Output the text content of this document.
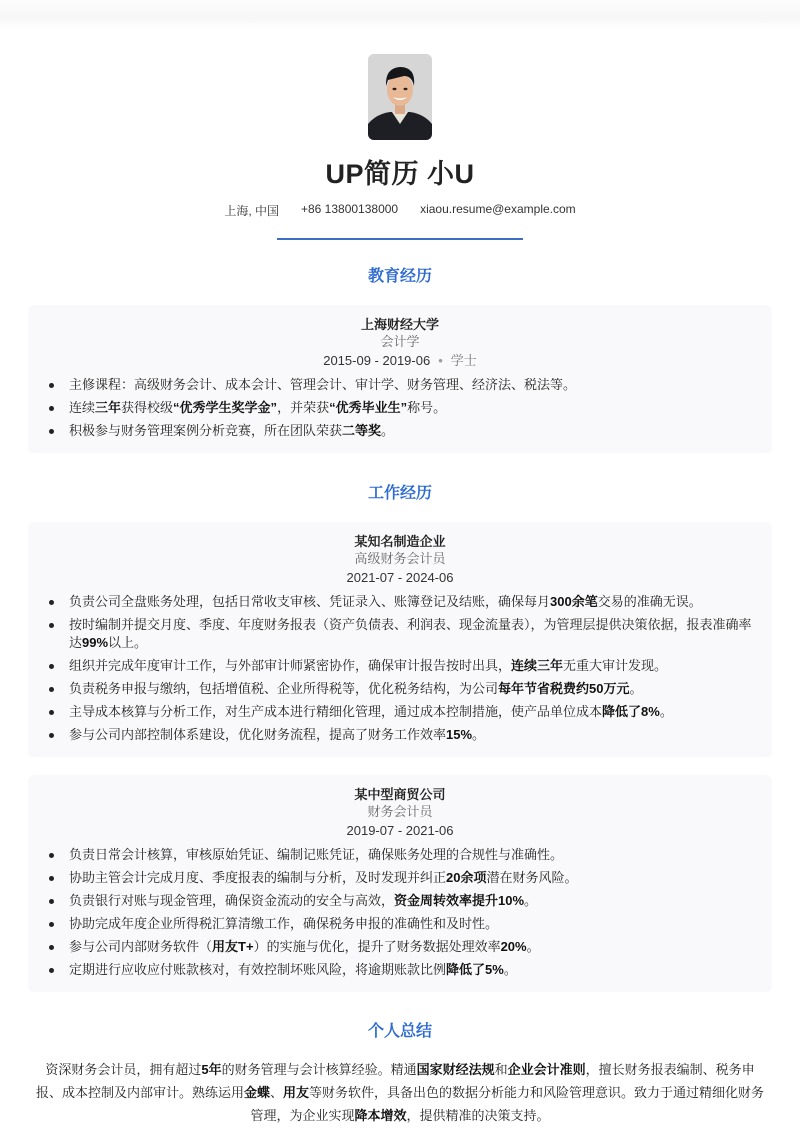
UP简历 小U
上海, 中国 +86 13800138000 xiaou.resume@example.com
教育经历
上海财经大学
会计学
2015-09 - 2019-06 • 学士
主修课程：高级财务会计、成本会计、管理会计、审计学、财务管理、经济法、税法等。
连续三年获得校级“优秀学生奖学金”，并荣获“优秀毕业生”称号。
积极参与财务管理案例分析竞赛，所在团队荣获二等奖。
工作经历
某知名制造企业
高级财务会计员
2021-07 - 2024-06
负责公司全盘账务处理，包括日常收支审核、凭证录入、账簿登记及结账，确保每月300余笔交易的准确无误。
按时编制并提交月度、季度、年度财务报表（资产负债表、利润表、现金流量表），为管理层提供决策依据，报表准确率达99%以上。
组织并完成年度审计工作，与外部审计师紧密协作，确保审计报告按时出具，连续三年无重大审计发现。
负责税务申报与缴纳，包括增值税、企业所得税等，优化税务结构，为公司每年节省税费约50万元。
主导成本核算与分析工作，对生产成本进行精细化管理，通过成本控制措施，使产品单位成本降低了8%。
参与公司内部控制体系建设，优化财务流程，提高了财务工作效率15%。
某中型商贸公司
财务会计员
2019-07 - 2021-06
负责日常会计核算，审核原始凭证、编制记账凭证，确保账务处理的合规性与准确性。
协助主管会计完成月度、季度报表的编制与分析，及时发现并纠正20余项潜在财务风险。
负责银行对账与现金管理，确保资金流动的安全与高效，资金周转效率提升10%。
协助完成年度企业所得税汇算清缴工作，确保税务申报的准确性和及时性。
参与公司内部财务软件（用友T+）的实施与优化，提升了财务数据处理效率20%。
定期进行应收应付账款核对，有效控制坏账风险，将逾期账款比例降低了5%。
个人总结

资深财务会计员，拥有超过5年的财务管理与会计核算经验。精通国家财经法规和企业会计准则，擅长财务报表编制、税务申报、成本控制及内部审计。熟练运用金蝶、用友等财务软件，具备出色的数据分析能力和风险管理意识。致力于通过精细化财务管理，为企业实现降本增效，提供精准的决策支持。
